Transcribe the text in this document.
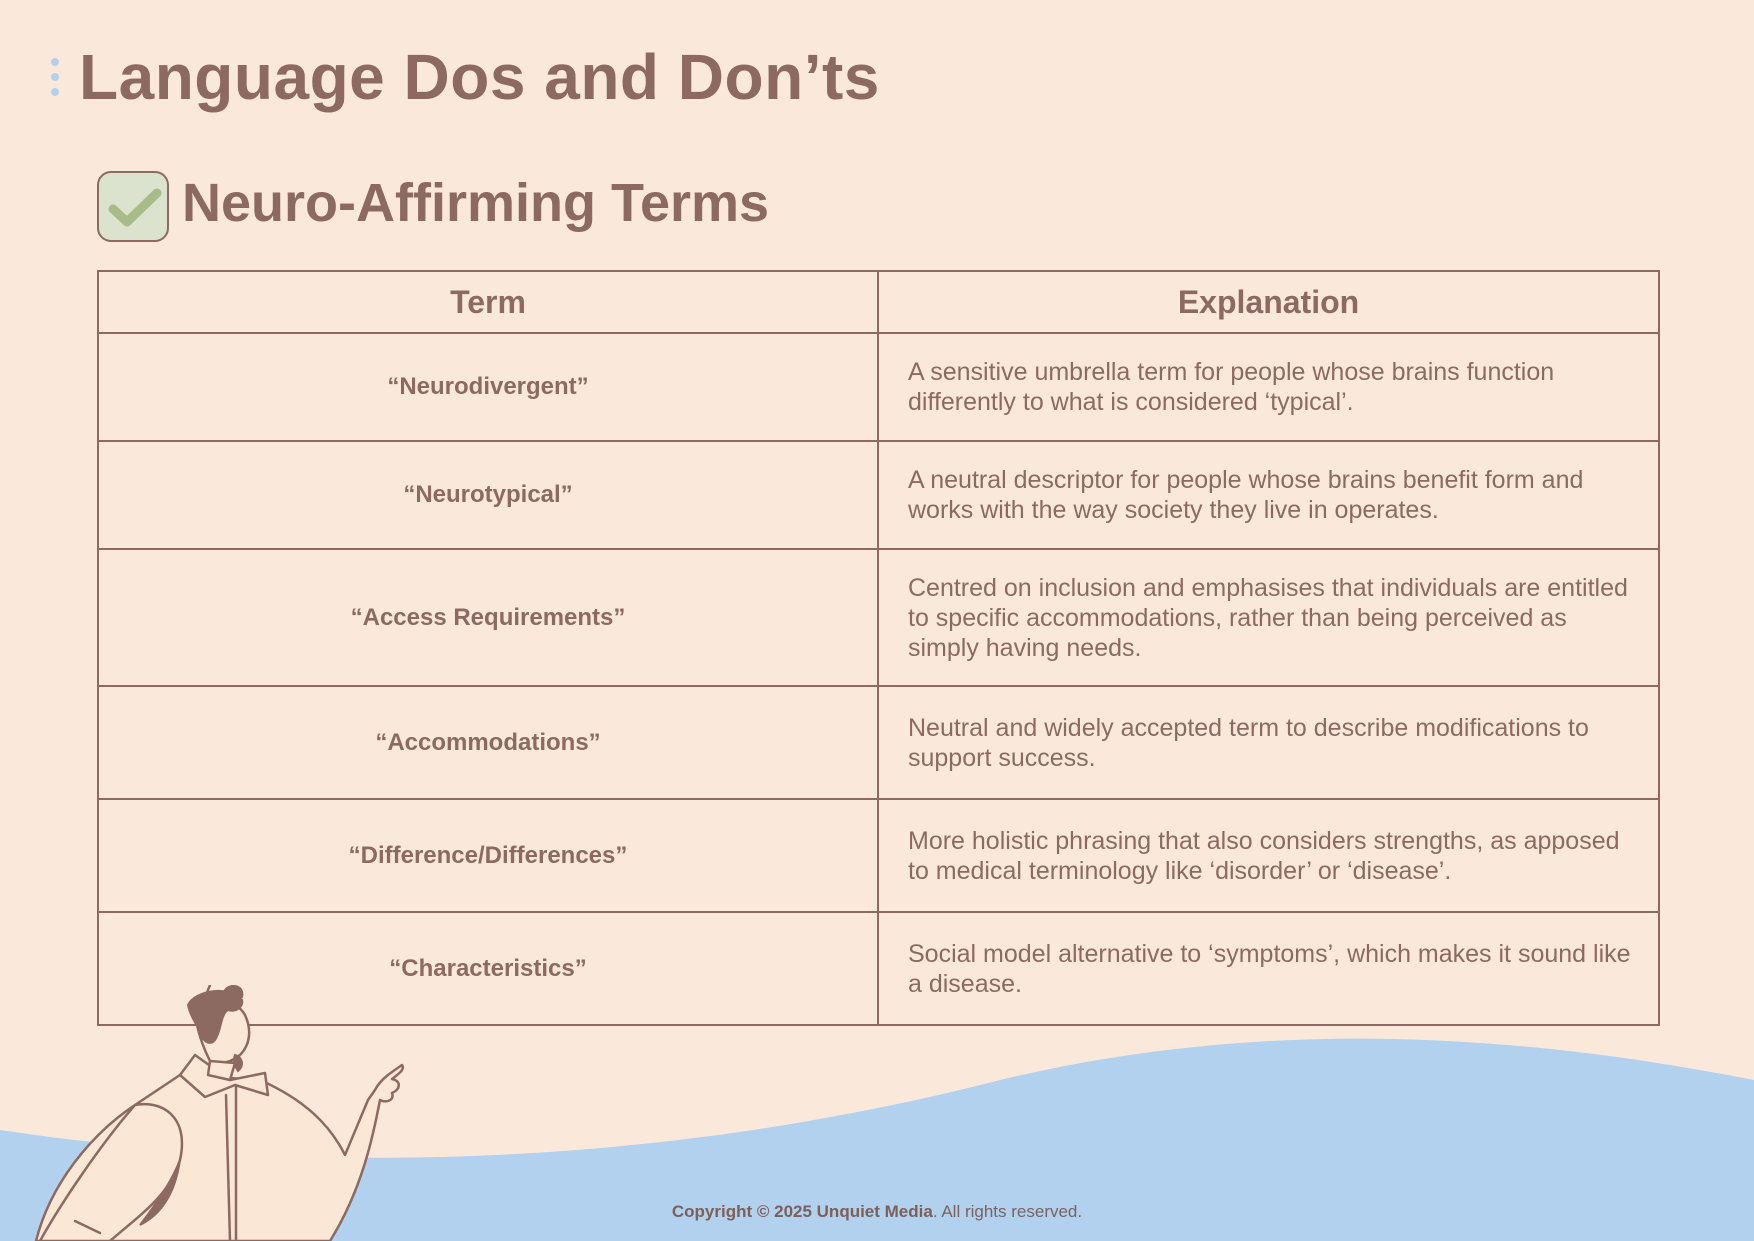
Language Dos and Don’ts
Neuro-Affirming Terms
Term	Explanation
“Neurodivergent”	A sensitive umbrella term for people whose brains function differently to what is considered ‘typical’.
“Neurotypical”	A neutral descriptor for people whose brains benefit form and works with the way society they live in operates.
“Access Requirements”	Centred on inclusion and emphasises that individuals are entitled to specific accommodations, rather than being perceived as simply having needs.
“Accommodations”	Neutral and widely accepted term to describe modifications to support success.
“Difference/Differences”	More holistic phrasing that also considers strengths, as apposed to medical terminology like ‘disorder’ or ‘disease’.
“Characteristics”	Social model alternative to ‘symptoms’, which makes it sound like a disease.
Copyright © 2025 Unquiet Media. All rights reserved.
